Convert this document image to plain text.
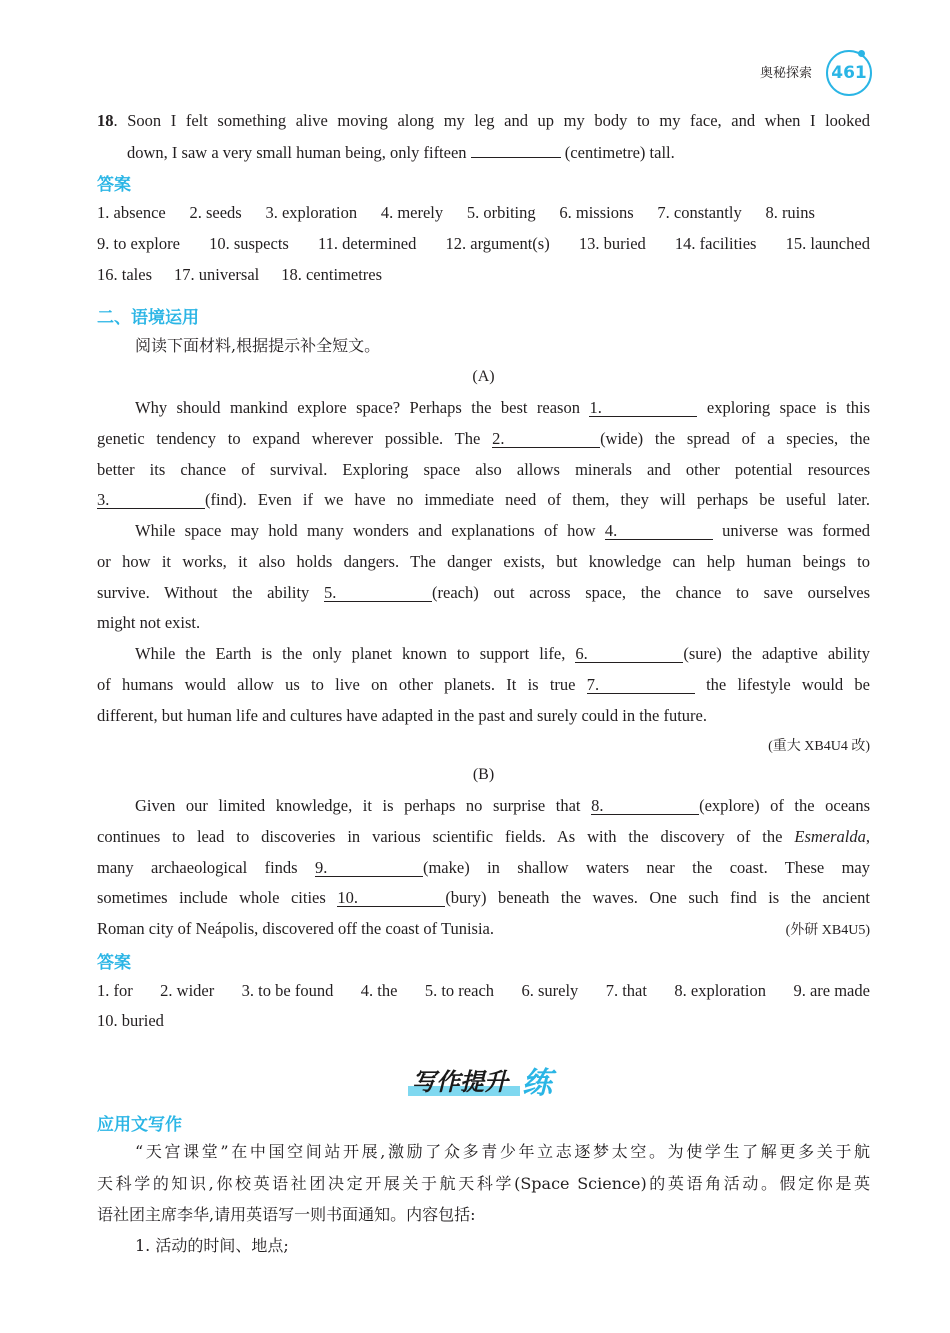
奥秘探索	461
18. Soon I felt something alive moving along my leg and up my body to my face, and when I looked
down, I saw a very small human being, only fifteen	(centimetre) tall.
答案
1. absence 2. seeds 3. exploration 4. merely 5. orbiting 6. missions 7. constantly 8. ruins
9. to explore 10. suspects 11. determined 12. argument(s) 13. buried 14. facilities 15. launched
16. tales 17. universal 18. centimetres
二、语境运用
阅读下面材料,根据提示补全短文。
(A)
Why should mankind explore space? Perhaps the best reason 1.	exploring space is this
genetic tendency to expand wherever possible. The 2.	(wide) the spread of a species, the
better its chance of survival. Exploring space also allows minerals and other potential resources
3.	(find). Even if we have no immediate need of them, they will perhaps be useful later.
While space may hold many wonders and explanations of how 4.	universe was formed
or how it works, it also holds dangers. The danger exists, but knowledge can help human beings to
survive. Without the ability 5.	(reach) out across space, the chance to save ourselves
might not exist.
While the Earth is the only planet known to support life, 6.	(sure) the adaptive ability
of humans would allow us to live on other planets. It is true 7.	the lifestyle would be
different, but human life and cultures have adapted in the past and surely could in the future.
(重大 XB4U4 改)
(B)
Given our limited knowledge, it is perhaps no surprise that 8.	(explore) of the oceans
continues to lead to discoveries in various scientific fields. As with the discovery of the Esmeralda,
many archaeological finds 9.	(make) in shallow waters near the coast. These may
sometimes include whole cities 10.	(bury) beneath the waves. One such find is the ancient
Roman city of Neápolis, discovered off the coast of Tunisia.	(外研 XB4U5)
答案
1. for 2. wider 3. to be found 4. the 5. to reach 6. surely 7. that 8. exploration 9. are made
10. buried
写作提升 练
应用文写作
“天宫课堂”在中国空间站开展,激励了众多青少年立志逐梦太空。为使学生了解更多关于航
天科学的知识,你校英语社团决定开展关于航天科学(Space Science)的英语角活动。假定你是英
语社团主席李华,请用英语写一则书面通知。内容包括:
1. 活动的时间、地点;
